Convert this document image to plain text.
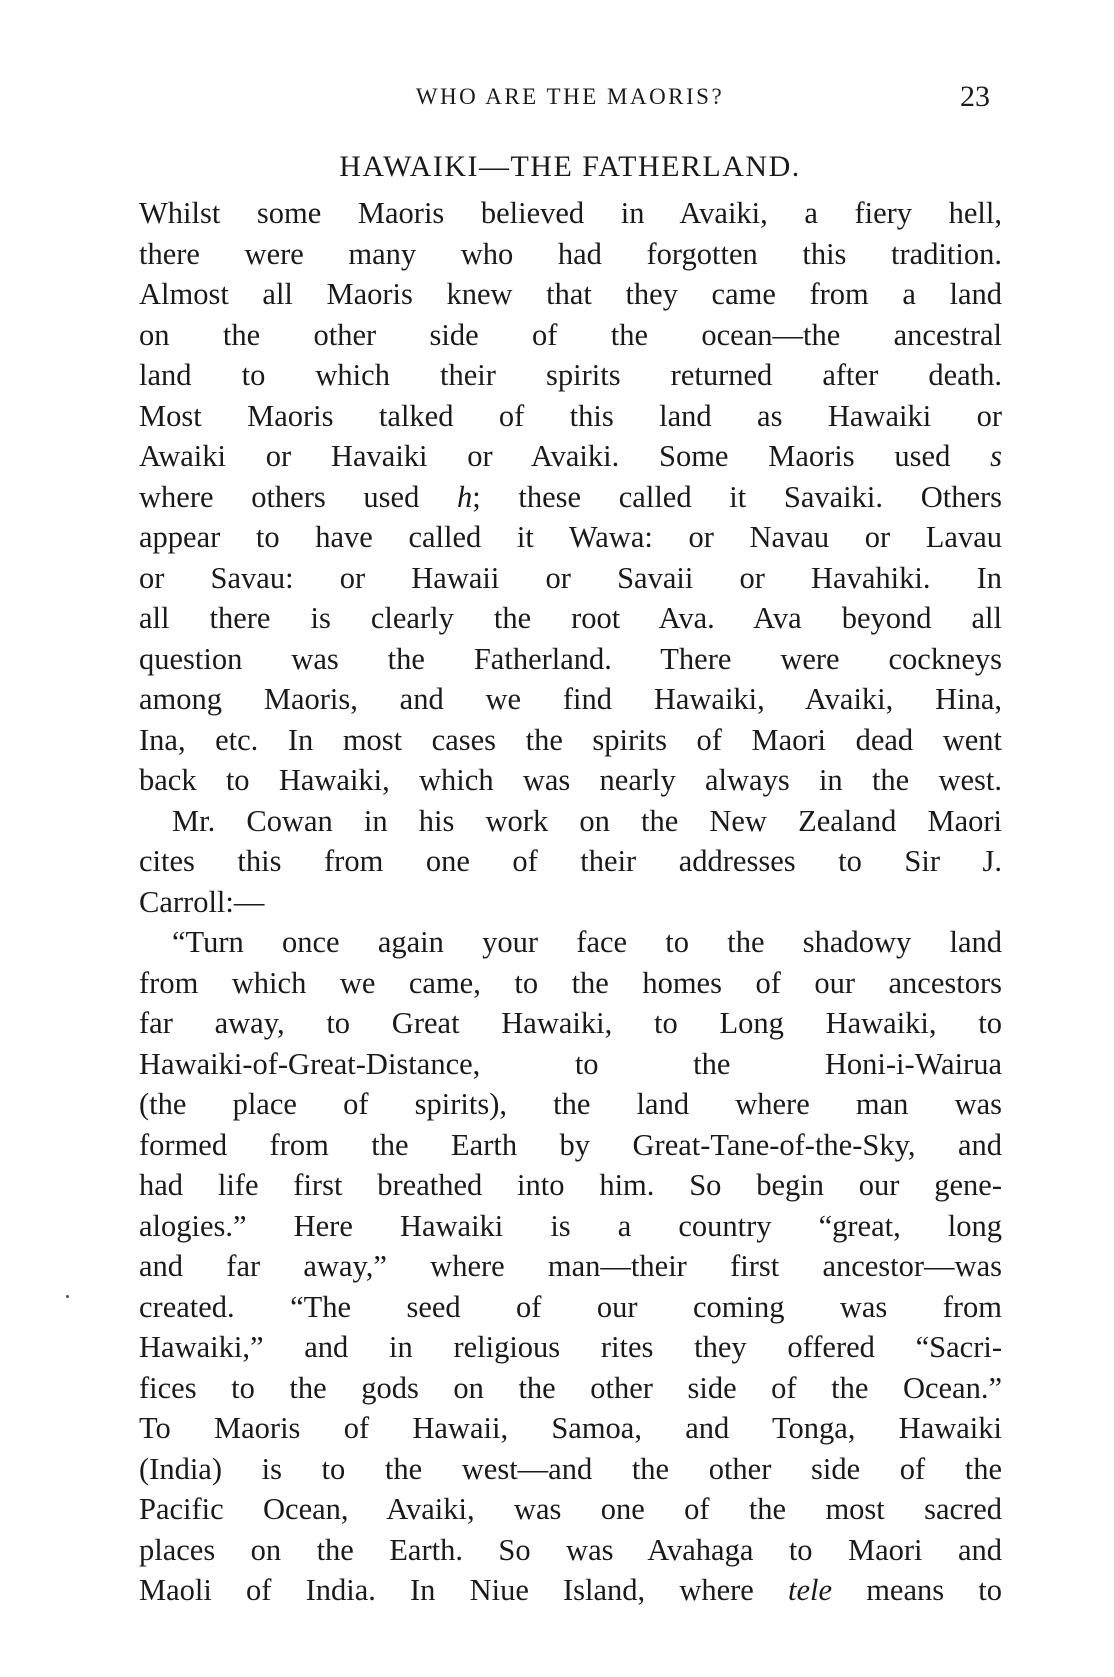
WHO ARE THE MAORIS?	23
HAWAIKI—THE FATHERLAND.
Whilst some Maoris believed in Avaiki, a fiery hell,
there were many who had forgotten this tradition.
Almost all Maoris knew that they came from a land
on the other side of the ocean—the ancestral
land to which their spirits returned after death.
Most Maoris talked of this land as Hawaiki or
Awaiki or Havaiki or Avaiki. Some Maoris used s
where others used h; these called it Savaiki. Others
appear to have called it Wawa: or Navau or Lavau
or Savau: or Hawaii or Savaii or Havahiki. In
all there is clearly the root Ava. Ava beyond all
question was the Fatherland. There were cockneys
among Maoris, and we find Hawaiki, Avaiki, Hina,
Ina, etc. In most cases the spirits of Maori dead went
back to Hawaiki, which was nearly always in the west.
Mr. Cowan in his work on the New Zealand Maori
cites this from one of their addresses to Sir J.
Carroll:—
“Turn once again your face to the shadowy land
from which we came, to the homes of our ancestors
far away, to Great Hawaiki, to Long Hawaiki, to
Hawaiki-of-Great-Distance, to the Honi-i-Wairua
(the place of spirits), the land where man was
formed from the Earth by Great-Tane-of-the-Sky, and
had life first breathed into him. So begin our gene-
alogies.” Here Hawaiki is a country “great, long
and far away,” where man—their first ancestor—was
created. “The seed of our coming was from
Hawaiki,” and in religious rites they offered “Sacri-
fices to the gods on the other side of the Ocean.”
To Maoris of Hawaii, Samoa, and Tonga, Hawaiki
(India) is to the west—and the other side of the
Pacific Ocean, Avaiki, was one of the most sacred
places on the Earth. So was Avahaga to Maori and
Maoli of India. In Niue Island, where tele means to
